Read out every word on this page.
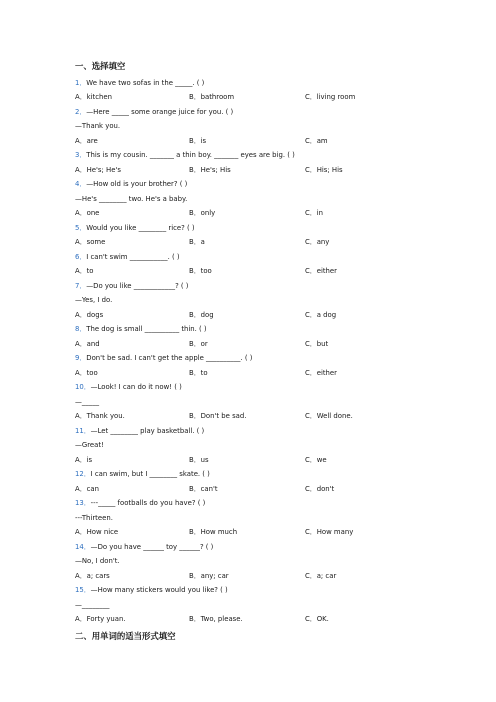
一、选择填空
1．We have two sofas in the _____. ( )
A．kitchen	B．bathroom	C．living room
2．—Here _____ some orange juice for you. ( )
—Thank you.
A．are	B．is	C．am
3．This is my cousin. _______ a thin boy. _______ eyes are big. ( )
A．He's; He's	B．He's; His	C．His; His
4．—How old is your brother? ( )
—He's ________ two. He's a baby.
A．one	B．only	C．in
5．Would you like ________ rice? ( )
A．some	B．a	C．any
6．I can't swim ___________. ( )
A．to	B．too	C．either
7．—Do you like ____________? ( )
—Yes, I do.
A．dogs	B．dog	C．a dog
8．The dog is small __________ thin. ( )
A．and	B．or	C．but
9．Don't be sad. I can't get the apple __________. ( )
A．too	B．to	C．either
10．—Look! I can do it now! ( )
—_____
A．Thank you.	B．Don't be sad.	C．Well done.
11．—Let ________ play basketball. ( )
—Great!
A．is	B．us	C．we
12．I can swim, but I ________ skate. ( )
A．can	B．can't	C．don't
13．---_____ footballs do you have? ( )
---Thirteen.
A．How nice	B．How much	C．How many
14．—Do you have ______ toy ______? ( )
—No, I don't.
A．a; cars	B．any; car	C．a; car
15．—How many stickers would you like? ( )
—________
A．Forty yuan.	B．Two, please.	C．OK.
二、用单词的适当形式填空
